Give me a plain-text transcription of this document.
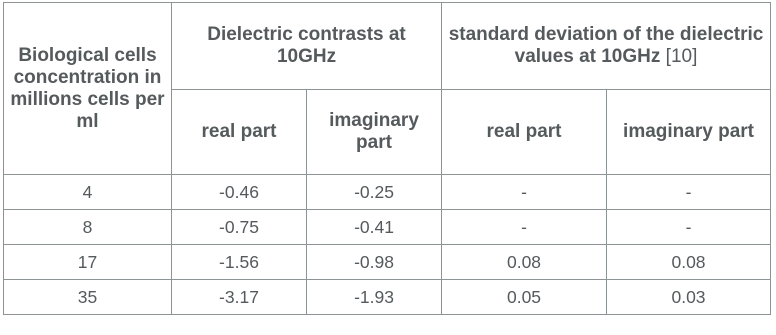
Biological cells concentration in millions cells per ml	Dielectric contrasts at 10GHz		standard deviation of the dielectric values at 10GHz [10]	
	real part	imaginary part	real part	imaginary part
4	-0.46	-0.25	-	-
8	-0.75	-0.41	-	-
17	-1.56	-0.98	0.08	0.08
35	-3.17	-1.93	0.05	0.03
